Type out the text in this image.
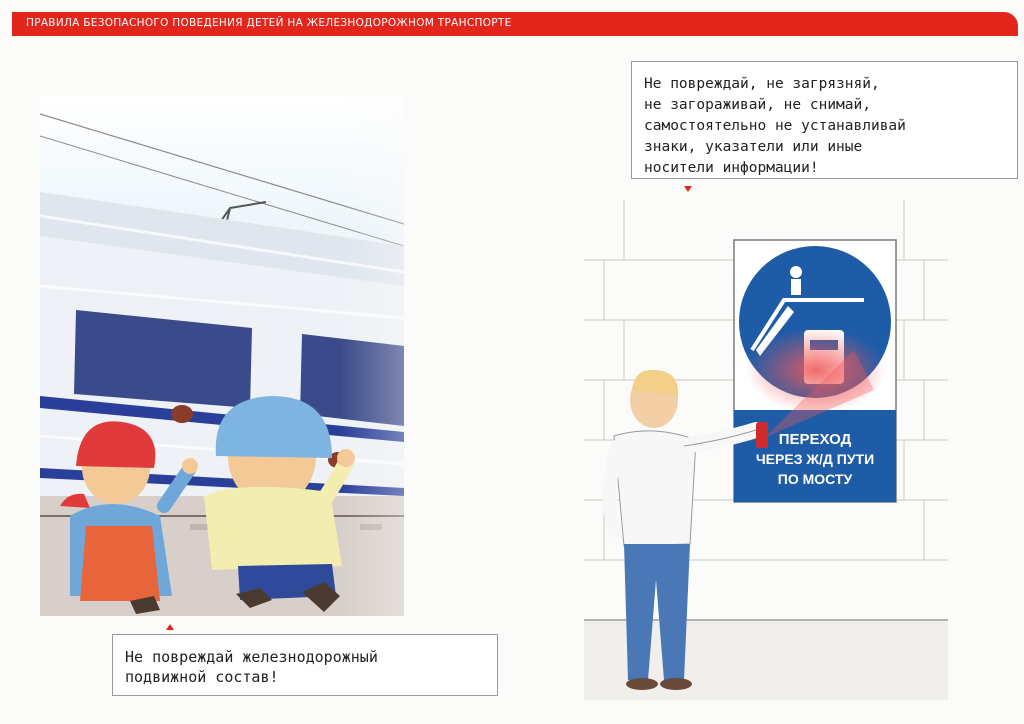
ПРАВИЛА БЕЗОПАСНОГО ПОВЕДЕНИЯ ДЕТЕЙ НА ЖЕЛЕЗНОДОРОЖНОМ ТРАНСПОРТЕ
Не повреждай железнодорожный
подвижной состав!
Не повреждай, не загрязняй,
не загораживай, не снимай,
самостоятельно не устанавливай
знаки, указатели или иные
носители информации!
ПЕРЕХОД
ЧЕРЕЗ Ж/Д ПУТИ
ПО МОСТУ
